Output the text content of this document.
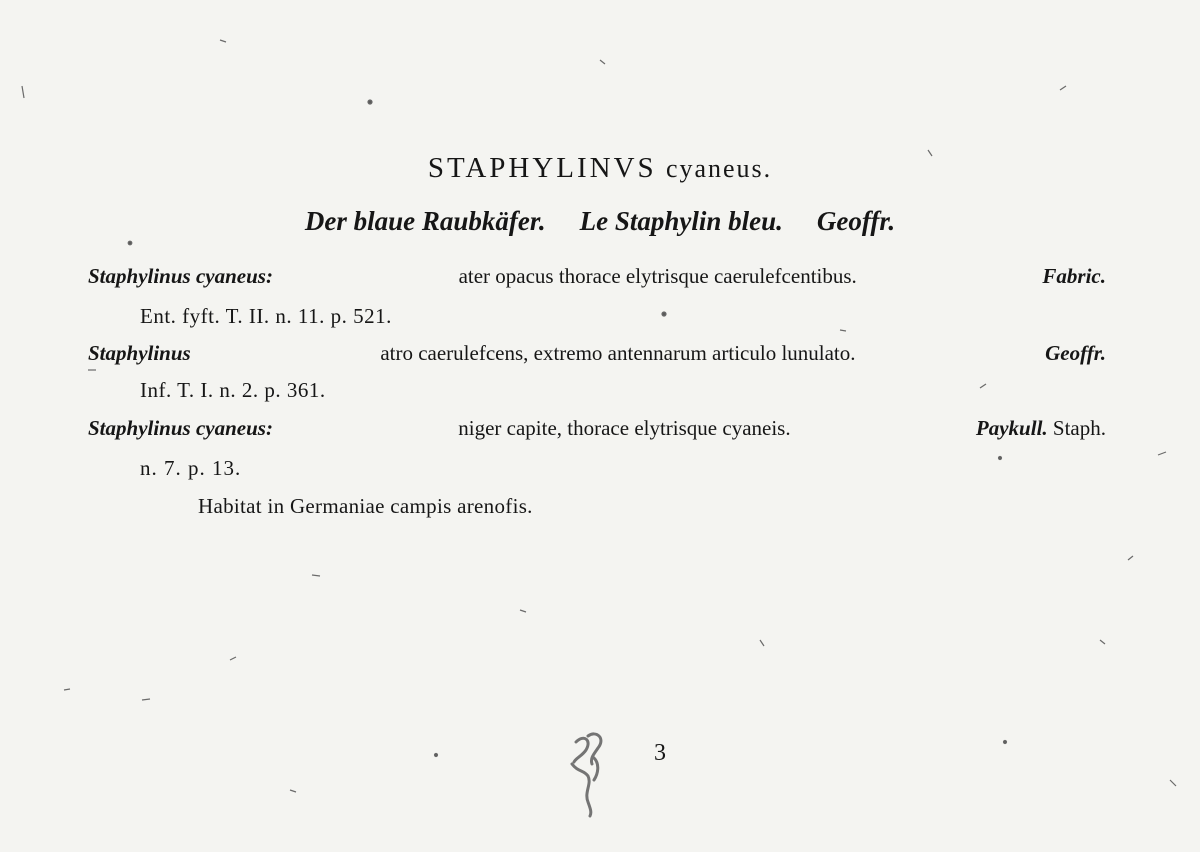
STAPHYLINVS cyaneus.
Der blaue Raubkäfer. Le Staphylin bleu. Geoffr.
Staphylinus cyaneus:	ater opacus thorace elytrisque caerulefcentibus.	Fabric.
Ent. fyft. T. II. n. 11. p. 521.
Staphylinus	atro caerulefcens, extremo antennarum articulo lunulato.	Geoffr.
Inf. T. I. n. 2. p. 361.
Staphylinus cyaneus:	niger capite, thorace elytrisque cyaneis.	Paykull. Staph.
n. 7. p. 13.
Habitat in Germaniae campis arenofis.
3
